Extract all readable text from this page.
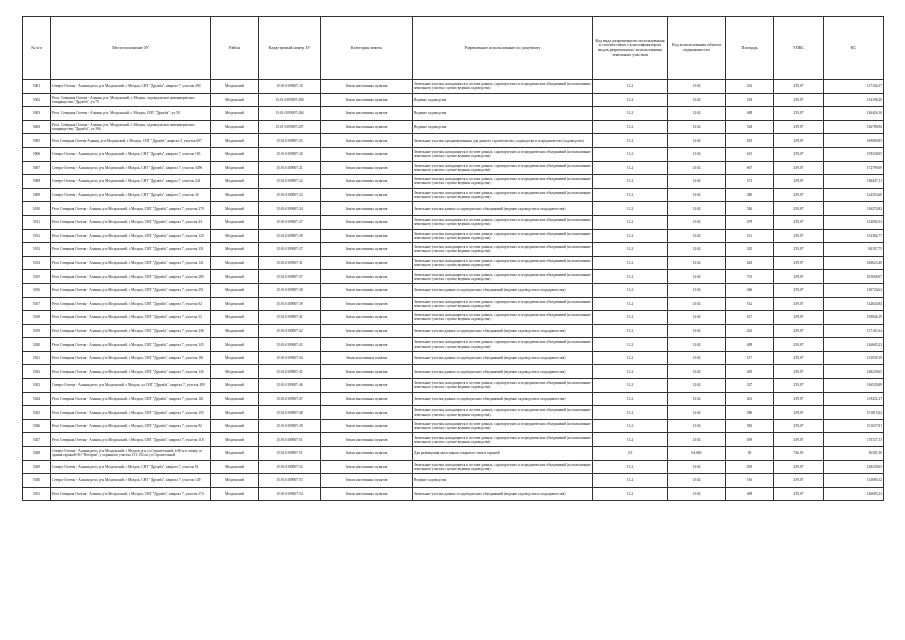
№ п/п	Местоположение ЗУ	Район	Кадастровый номер ЗУ	Категория земель	Разрешенное использование по документу	Код вида разрешенного использования в соответствии с классификатором видов разрешенного использования земельных участков	Код использования объекта недвижимости	Площадь	УПКС	КС
5001	Северо-Осетия - Алания респ, р-н Моздокский, с Моздок, СНТ "Дружба", квартал 7, участок 294	Моздокский	15:01:0109007:10	Земли населенных пунктов	Земельные участки, находящиеся в составе дачных, садоводческих и огороднических объединений (использование земельного участка с целью ведения садоводства)	13.2	13:02	452	259,07	117104,37
5002	Респ. Северная Осетия - Алания, р-н. Моздокский, г. Моздок, садоводческое некоммерческое товарищество "Дружба", уч.75	Моздокский	15:01:0109007:200	Земли населенных пунктов	Ведение садоводства	13.2	13:02	518	259,07	134198,26
5003	Респ. Северная Осетия - Алания, р-н. Моздокский, г. Моздок, СНТ "Дружба", уч.58	Моздокский	15:01:0109007:204	Земли населенных пунктов	Ведение садоводства	13.2	13:02	488	259,07	126426,16
5004	Респ. Северная Осетия - Алания, р-н. Моздокский, г. Моздок, садоводческое некоммерческое товарищество "Дружба", уч.396	Моздокский	15:01:0109007:207	Земли населенных пунктов	Ведение садоводства	13.2	13:02	528	259,07	136788,96
5005	Респ Северная Осетия-Алания, р-н Моздокский, г Моздок, СНТ "Дружба", квартал 5, участок 007	Моздокский	15:01:0109007:25	Земли населенных пунктов	Земельные участки, предназначенные для дачного строительства, садоводства и огородничества (садоводство)	13.2	13:02	655	259,07	169690,85
5006	Северо-Осетия - Алания респ, р-н Моздокский, г Моздок, СНТ "Дружба", квартал 7, участок 103	Моздокский	15:01:0109007:20	Земли населенных пунктов	Земельные участки, находящиеся в составе дачных, садоводческих и огороднических объединений (использование земельного участка с целью ведения садоводства)	13.2	13:02	615	259,07	159328,05
5007	Северо-Осетия - Алания респ, р-н Моздокский, г Моздок, СНТ "Дружба", квартал 7, участок 349б	Моздокский	15:01:0109007:21	Земли населенных пунктов	Земельные участки, находящиеся в составе дачных, садоводческих и огороднических объединений (использование земельного участка с целью ведения садоводства)	13.2	13:02	667	259,07	172799,69
5008	Северо-Осетия - Алания респ, р-н Моздокский, г Моздок, СНТ "Дружба", квартал 7, участок 241	Моздокский	15:01:0109007:22	Земли населенных пунктов	Земельные участки, находящиеся в составе дачных, садоводческих и огороднических объединений (использование земельного участка с целью ведения садоводства)	13.2	13:02	573	259,07	148447,11
5009	Северо-Осетия - Алания респ, р-н Моздокский, г Моздок, СНТ "Дружба", квартал 7, участок 30	Моздокский	15:01:0109007:23	Земли населенных пунктов	Земельные участки, находящиеся в составе дачных, садоводческих и огороднических объединений (использование земельного участка с целью ведения садоводства)	13.2	13:02	480	259,07	124353,60
5010	Респ Северная Осетия - Алания, р-н Моздокский, г Моздок, СНТ "Дружба", квартал 7, участок 279	Моздокский	15:01:0109007:24	Земли населенных пунктов	Земельные участки дачных и садоводческих объединений (ведение садоводства и огородничества)	13.2	13:02	526	259,07	136270,82
5011	Респ Северная Осетия - Алания, р-н Моздокский, г Моздок, СНТ "Дружба", квартал 7, участок 44	Моздокский	15:01:0109007:27	Земли населенных пунктов	Земельные участки, находящиеся в составе дачных, садоводческих и огороднических объединений (использование земельного участка с целью ведения садоводства)	13.2	13:02	479	259,07	124094,53
5012	Респ Северная Осетия - Алания, р-н Моздокский, г Моздок, СНТ "Дружба", квартал 7, участок 120	Моздокский	15:01:0109007:28	Земли населенных пунктов	Земельные участки, находящиеся в составе дачных, садоводческих и огороднических объединений (использование земельного участка с целью ведения садоводства)	13.2	13:02	511	259,07	132384,77
5013	Респ Северная Осетия - Алания, р-н Моздокский, г Моздок, СНТ "Дружба", квартал 7, участок 131	Моздокский	15:01:0109007:27	Земли населенных пунктов	Земельные участки, находящиеся в составе дачных, садоводческих и огороднических объединений (использование земельного участка с целью ведения садоводства)	13.2	13:02	325	259,07	84197,75
5014	Респ Северная Осетия - Алания, р-н Моздокский, г Моздок, СНТ "Дружба", квартал 7, участок 141	Моздокский	15:01:0109007:31	Земли населенных пунктов	Земельные участки, находящиеся в составе дачных, садоводческих и огороднических объединений (использование земельного участка с целью ведения садоводства)	13.2	13:02	620	259,07	160623,40
5015	Респ Северная Осетия - Алания, р-н Моздокский, г Моздок, СНТ "Дружба", квартал 7, участок 280	Моздокский	15:01:0109007:37	Земли населенных пунктов	Земельные участки, находящиеся в составе дачных, садоводческих и огороднических объединений (использование земельного участка с целью ведения садоводства)	13.2	13:02	701	259,07	181608,07
5016	Респ Северная Осетия - Алания, р-н Моздокский, г Моздок, СНТ "Дружба", квартал 7, участок 251	Моздокский	15:01:0109007:38	Земли населенных пунктов	Земельные участки дачных и садоводческих объединений (ведение садоводства и огородничества)	13.2	13:02	466	259,07	120726,62
5017	Респ Северная Осетия - Алания, р-н Моздокский, г Моздок, СНТ "Дружба", квартал 7, участок 82	Моздокский	15:01:0109007:39	Земли населенных пунктов	Земельные участки, находящиеся в составе дачных, садоводческих и огороднических объединений (использование земельного участка с целью ведения садоводства)	13.2	13:02	512	259,07	132643,84
5018	Респ Северная Осетия - Алания, р-н Моздокский, г Моздок, СНТ "Дружба", квартал 7, участок 53	Моздокский	15:01:0109007:41	Земли населенных пунктов	Земельные участки, находящиеся в составе дачных, садоводческих и огороднических объединений (использование земельного участка с целью ведения садоводства)	13.2	13:02	617	259,07	159846,19
5019	Респ Северная Осетия - Алания, р-н Моздокский, г Моздок, СНТ "Дружба", квартал 7, участок 248	Моздокский	15:01:0109007:42	Земли населенных пунктов	Земельные участки дачных и садоводческих объединений (ведение садоводства и огородничества)	13.2	13:02	452	259,07	117101,64
5020	Респ Северная Осетия - Алания, р-н Моздокский, г Моздок, СНТ "Дружба", квартал 7, участок 145	Моздокский	15:01:0109007:43	Земли населенных пунктов	Земельные участки, находящиеся в составе дачных, садоводческих и огороднических объединений (использование земельного участка с целью ведения садоводства)	13.2	13:02	489	259,07	126685,23
5021	Респ Северная Осетия - Алания, р-н Моздокский, г Моздок, СНТ "Дружба", квартал 7, участок 161	Моздокский	15:01:0109007:44	Земли населенных пunktов	Земельные участки дачных и садоводческих объединений (ведение садоводства и огородничества)	13.2	13:02	517	259,07	133939,19
5022	Респ Северная Осетия - Алания, р-н Моздокский, г Моздок, СНТ "Дружба", квартал 7, участок 145	Моздокский	15:01:0109007:45	Земли населенных пунктов	Земельные участки дачных и садоводческих объединений (ведение садоводства и огородничества)	13.2	13:02	495	259,07	128239,65
5023	Северо-Осетия - Алания респ, р-н Моздокский, г Моздок, ул СНТ "Дружба", квартал 7, участок 289	Моздокский	15:01:0109007:46	Земли населенных пунктов	Земельные участки, находящиеся в составе дачных, садоводческих и огороднических объединений (использование земельного участка с целью ведения садоводства)	13.2	13:02	527	259,07	136529,89
5024	Респ Северная Осетия - Алания, р-н Моздокский, г Моздок, СНТ "Дружба", квартал 7, участок 161	Моздокский	15:01:0109007:47	Земли населенных пунктов	Земельные участки дачных и садоводческих объединений (ведение садоводства и огородничества)	13.2	13:02	461	259,07	119431,27
5025	Респ Северная Осетия - Алания, р-н Моздокский, г Моздок, СНТ "Дружба", квартал 7, участок 155	Моздокский	15:01:0109007:48	Земли населенных пунктов	Земельные участки, находящиеся в составе дачных, садоводческих и огороднических объединений (использование земельного участка с целью ведения садоводства)	13.2	13:02	586	259,07	151815,02
5026	Респ Северная Осетия - Алания, р-н Моздокский, г Моздок, СНТ "Дружба", квартал 7, участок 92	Моздокский	15:01:0109007:49	Земли населенных пунктов	Земельные участки, находящиеся в составе дачных, садоводческих и огороднических объединений (использование земельного участка с целью ведения садоводства)	13.2	13:02	583	259,07	151037,81
5027	Респ Северная Осетия - Алания, р-н Моздокский, г Моздок, СНТ "Дружба", квартал 7, участок 118	Моздокский	15:01:0109007:51	Земли населенных пунктов	Земельные участки, находящиеся в составе дачных, садоводческих и огороднических объединений (использование земельного участка с целью ведения садоводства)	13.2	13:02	659	259,07	170727,13
5028	Северо-Осетия - Алания респ, р-н Моздокский, г Моздок, р-н ул Строительной, в 80 м к северу от здания гаражей ОО "Ветеран", у охранного участка 151-152 по ул Строительной	Моздокский	15:01:0109007:51	Земли населенных пунктов	Для размещения автостоянок открытого типа и гаражей	4.9	04:060	50	726,03	36301,50
5029	Северо-Осетия - Алания респ, р-н Моздокский, г Моздок, СНТ "Дружба", квартал 7, участок 81	Моздокский	15:01:0109007:52	Земли населенных пунктов	Земельные участки, находящиеся в составе дачных, садоводческих и огороднических объединений (использование земельного участка с целью ведения садоводства)	13.2	13:02	495	259,07	128239,65
5030	Северо-Осетия - Алания респ, р-н Моздокский, г Моздок, СНТ "Дружба", квартал 7, участок 149	Моздокский	15:01:0109007:53	Земли населенных пунктов	Ведение садоводства	13.2	13:02	516	259,07	133680,12
5031	Респ Северная Осетия - Алания, р-н Моздокский, г Моздок, СНТ "Дружба", квартал 7, участок 274	Моздокский	15:01:0109007:54	Земли населенных пунктов	Земельные участки дачных и садоводческих объединений (ведение садоводства и огородничества)	13.2	13:02	489	259,07	126685,23
